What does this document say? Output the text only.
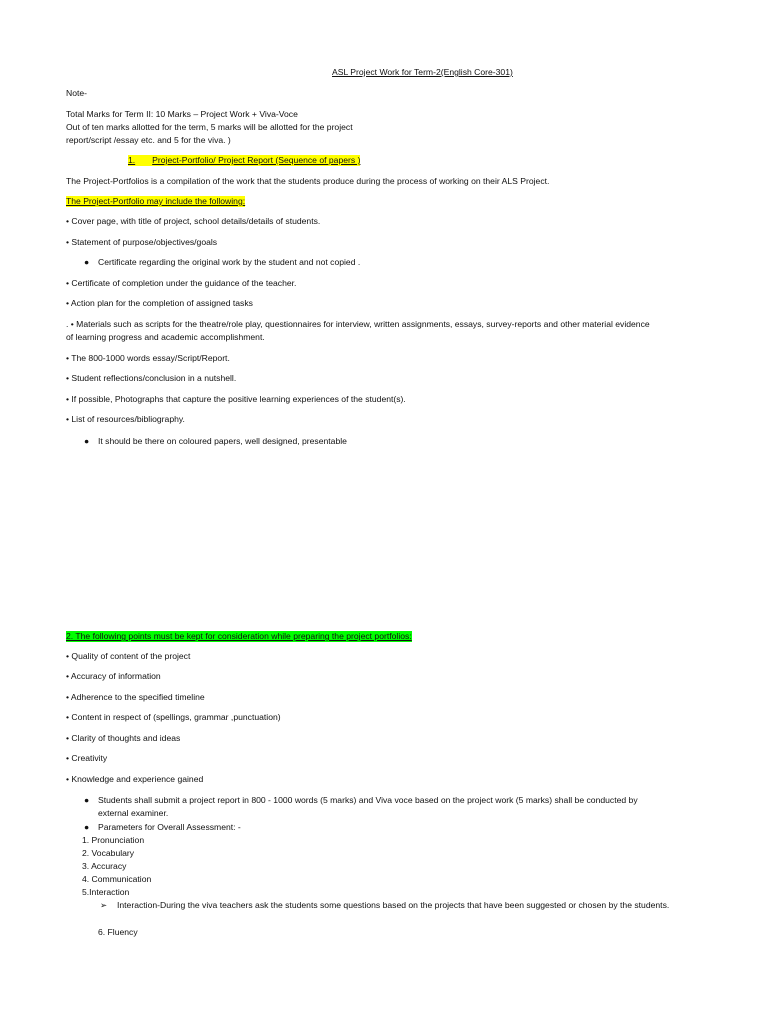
ASL Project Work for Term-2(English Core-301)
Note-
Total Marks for Term II: 10 Marks – Project Work + Viva-Voce
Out of ten marks allotted for the term, 5 marks will be allotted for the project
report/script /essay etc. and 5 for the viva. )
1. Project-Portfolio/ Project Report (Sequence of papers )
The Project-Portfolios is a compilation of the work that the students produce during the process of working on their ALS Project.
The Project-Portfolio may include the following:
• Cover page, with title of project, school details/details of students.
• Statement of purpose/objectives/goals
● Certificate regarding the original work by the student and not copied .
• Certificate of completion under the guidance of the teacher.
• Action plan for the completion of assigned tasks
. • Materials such as scripts for the theatre/role play, questionnaires for interview, written assignments, essays, survey-reports and other material evidence
of learning progress and academic accomplishment.
• The 800-1000 words essay/Script/Report.
• Student reflections/conclusion in a nutshell.
• If possible, Photographs that capture the positive learning experiences of the student(s).
• List of resources/bibliography.
● It should be there on coloured papers, well designed, presentable
2. The following points must be kept for consideration while preparing the project portfolios:
• Quality of content of the project
• Accuracy of information
• Adherence to the specified timeline
• Content in respect of (spellings, grammar ,punctuation)
• Clarity of thoughts and ideas
• Creativity
• Knowledge and experience gained
● Students shall submit a project report in 800 - 1000 words (5 marks) and Viva voce based on the project work (5 marks) shall be conducted by
external examiner.
● Parameters for Overall Assessment: -
1. Pronunciation
2. Vocabulary
3. Accuracy
4. Communication
5.Interaction
➢ Interaction-During the viva teachers ask the students some questions based on the projects that have been suggested or chosen by the students.
6. Fluency
